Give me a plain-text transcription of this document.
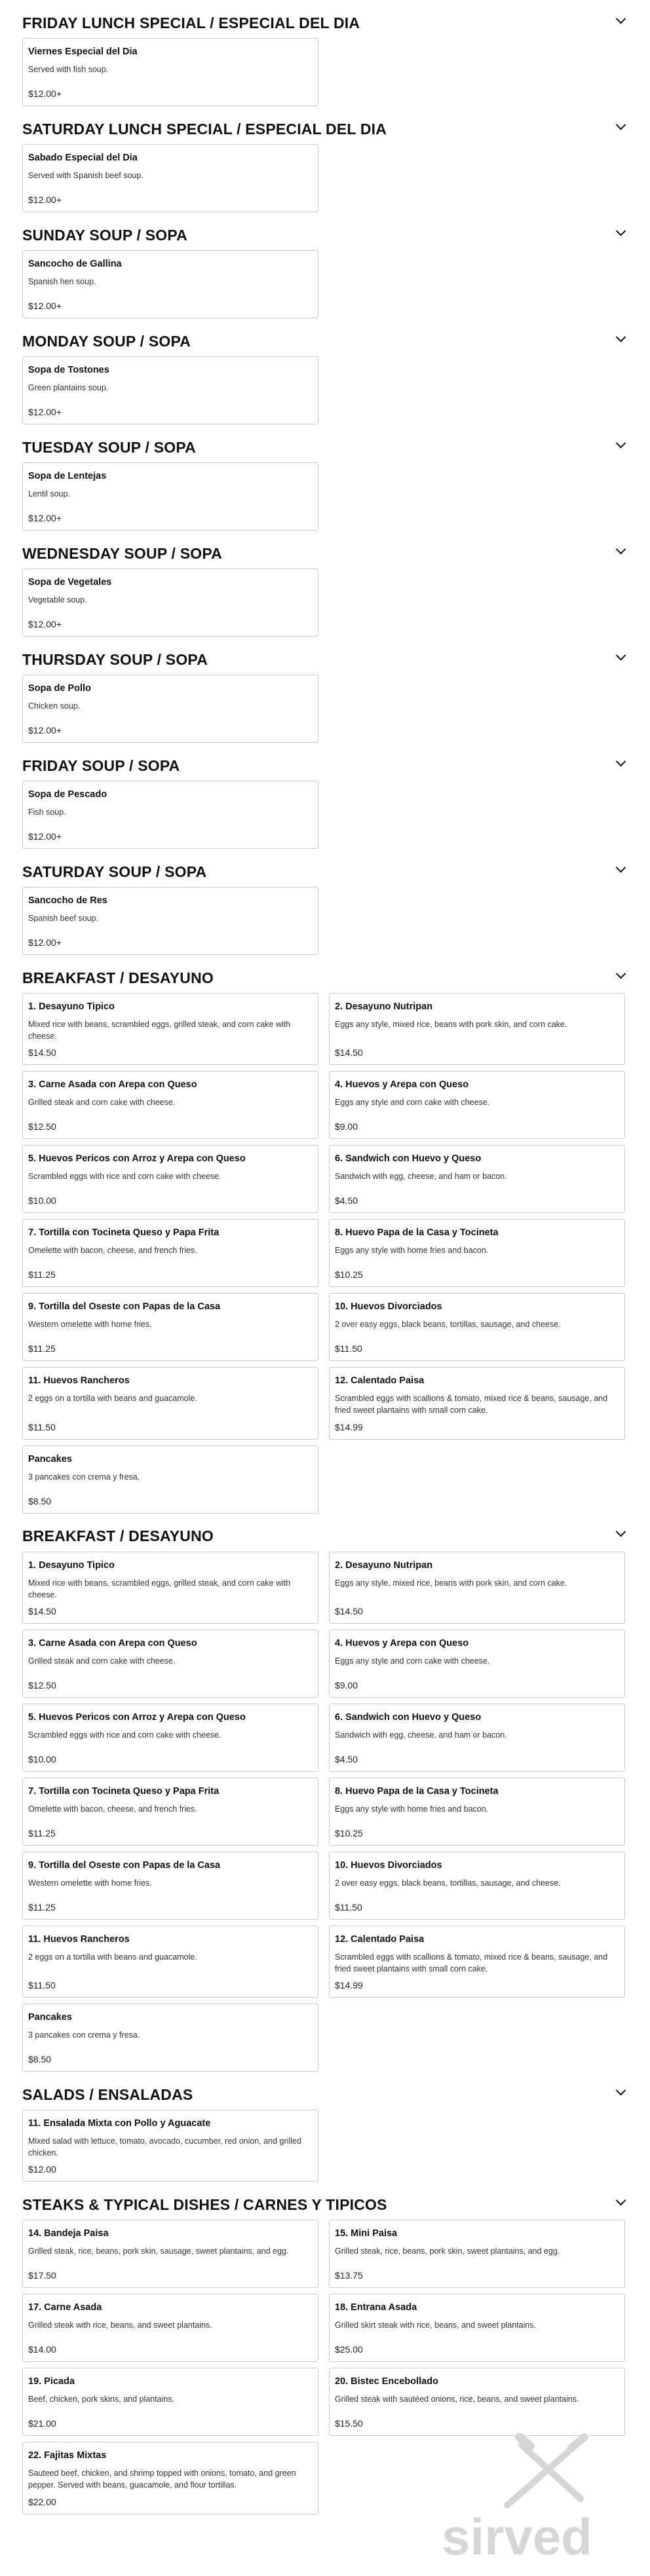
FRIDAY LUNCH SPECIAL / ESPECIAL DEL DIA
Viernes Especial del Dia
Served with fish soup.
$12.00+
SATURDAY LUNCH SPECIAL / ESPECIAL DEL DIA
Sabado Especial del Dia
Served with Spanish beef soup.
$12.00+
SUNDAY SOUP / SOPA
Sancocho de Gallina
Spanish hen soup.
$12.00+
MONDAY SOUP / SOPA
Sopa de Tostones
Green plantains soup.
$12.00+
TUESDAY SOUP / SOPA
Sopa de Lentejas
Lentil soup.
$12.00+
WEDNESDAY SOUP / SOPA
Sopa de Vegetales
Vegetable soup.
$12.00+
THURSDAY SOUP / SOPA
Sopa de Pollo
Chicken soup.
$12.00+
FRIDAY SOUP / SOPA
Sopa de Pescado
Fish soup.
$12.00+
SATURDAY SOUP / SOPA
Sancocho de Res
Spanish beef soup.
$12.00+
BREAKFAST / DESAYUNO
1. Desayuno Tipico
Mixed rice with beans, scrambled eggs, grilled steak, and corn cake with cheese.
$14.50
2. Desayuno Nutripan
Eggs any style, mixed rice, beans with pork skin, and corn cake.
$14.50
3. Carne Asada con Arepa con Queso
Grilled steak and corn cake with cheese.
$12.50
4. Huevos y Arepa con Queso
Eggs any style and corn cake with cheese.
$9.00
5. Huevos Pericos con Arroz y Arepa con Queso
Scrambled eggs with rice and corn cake with cheese.
$10.00
6. Sandwich con Huevo y Queso
Sandwich with egg, cheese, and ham or bacon.
$4.50
7. Tortilla con Tocineta Queso y Papa Frita
Omelette with bacon, cheese, and french fries.
$11.25
8. Huevo Papa de la Casa y Tocineta
Eggs any style with home fries and bacon.
$10.25
9. Tortilla del Oseste con Papas de la Casa
Western omelette with home fries.
$11.25
10. Huevos Divorciados
2 over easy eggs, black beans, tortillas, sausage, and cheese.
$11.50
11. Huevos Rancheros
2 eggs on a tortilla with beans and guacamole.
$11.50
12. Calentado Paisa
Scrambled eggs with scallions & tomato, mixed rice & beans, sausage, and fried sweet plantains with small corn cake.
$14.99
Pancakes
3 pancakes con crema y fresa.
$8.50
BREAKFAST / DESAYUNO
1. Desayuno Tipico
Mixed rice with beans, scrambled eggs, grilled steak, and corn cake with cheese.
$14.50
2. Desayuno Nutripan
Eggs any style, mixed rice, beans with pork skin, and corn cake.
$14.50
3. Carne Asada con Arepa con Queso
Grilled steak and corn cake with cheese.
$12.50
4. Huevos y Arepa con Queso
Eggs any style and corn cake with cheese.
$9.00
5. Huevos Pericos con Arroz y Arepa con Queso
Scrambled eggs with rice and corn cake with cheese.
$10.00
6. Sandwich con Huevo y Queso
Sandwich with egg, cheese, and ham or bacon.
$4.50
7. Tortilla con Tocineta Queso y Papa Frita
Omelette with bacon, cheese, and french fries.
$11.25
8. Huevo Papa de la Casa y Tocineta
Eggs any style with home fries and bacon.
$10.25
9. Tortilla del Oseste con Papas de la Casa
Western omelette with home fries.
$11.25
10. Huevos Divorciados
2 over easy eggs, black beans, tortillas, sausage, and cheese.
$11.50
11. Huevos Rancheros
2 eggs on a tortilla with beans and guacamole.
$11.50
12. Calentado Paisa
Scrambled eggs with scallions & tomato, mixed rice & beans, sausage, and fried sweet plantains with small corn cake.
$14.99
Pancakes
3 pancakes con crema y fresa.
$8.50
SALADS / ENSALADAS
11. Ensalada Mixta con Pollo y Aguacate
Mixed salad with lettuce, tomato, avocado, cucumber, red onion, and grilled chicken.
$12.00
STEAKS & TYPICAL DISHES / CARNES Y TIPICOS
14. Bandeja Paisa
Grilled steak, rice, beans, pork skin, sausage, sweet plantains, and egg.
$17.50
15. Mini Paisa
Grilled steak, rice, beans, pork skin, sweet plantains, and egg.
$13.75
17. Carne Asada
Grilled steak with rice, beans, and sweet plantains.
$14.00
18. Entrana Asada
Grilled skirt steak with rice, beans, and sweet plantains.
$25.00
19. Picada
Beef, chicken, pork skins, and plantains.
$21.00
20. Bistec Encebollado
Grilled steak with sautéed onions, rice, beans, and sweet plantains.
$15.50
22. Fajitas Mixtas
Sauteed beef, chicken, and shrimp topped with onions, tomato, and green pepper. Served with beans, guacamole, and flour tortillas.
$22.00
sirved
